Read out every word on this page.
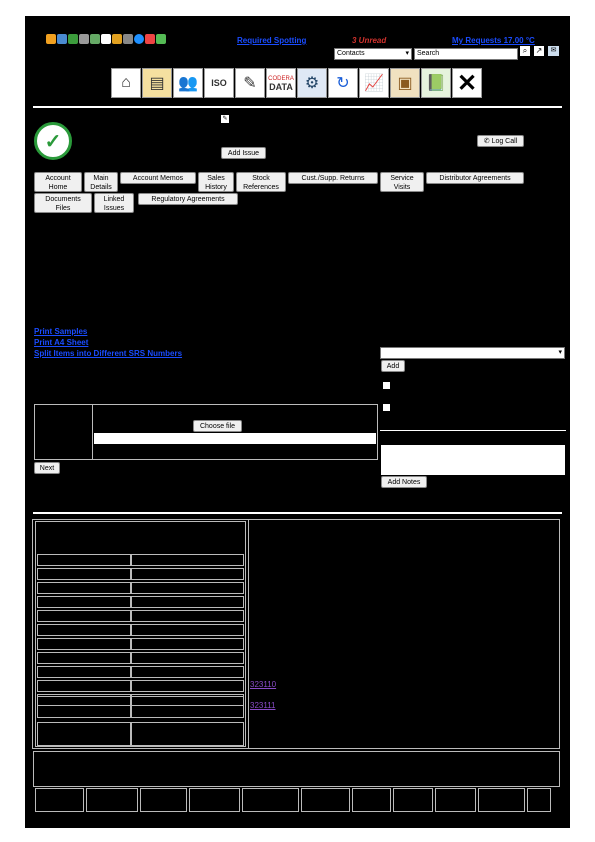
Required Spotting	3 Unread	My Requests 17.00 °C
Contacts	▾	Search	⌕	↗	✉
⌂	▤ 👥	ISO	✎	CODERA
DATA ⚙	↻ 📈 ▣ 📗 ✕
✓
✎
Add Issue
✆ Log Call
Account Home
Main Details
Account Memos	Sales History
Stock References
Cust./Supp. Returns	Service Visits
Distributor Agreements
Documents Files
Linked Issues
Regulatory Agreements
Print Samples
Print A4 Sheet
Split Items into Different SRS Numbers	▾
Add
Add Notes
Choose file
Next
323110
323111
